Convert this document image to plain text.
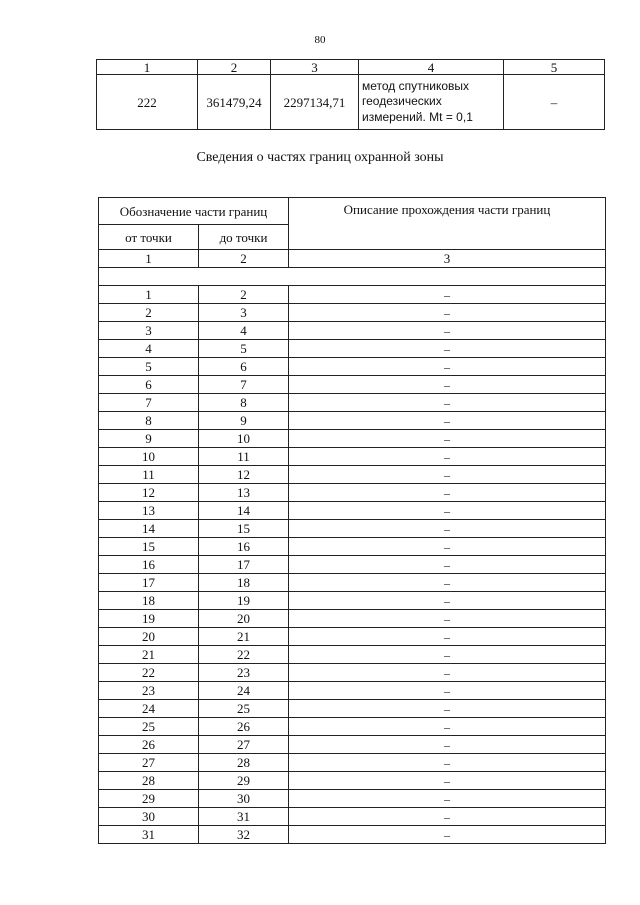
80
1	2	3	4	5
222	361479,24	2297134,71	метод спутниковых геодезических измерений. Mt = 0,1	–
Сведения о частях границ охранной зоны
Обозначение части границ		Описание прохождения части границ
от точки	до точки	
1	2	3

1	2	–
2	3	–
3	4	–
4	5	–
5	6	–
6	7	–
7	8	–
8	9	–
9	10	–
10	11	–
11	12	–
12	13	–
13	14	–
14	15	–
15	16	–
16	17	–
17	18	–
18	19	–
19	20	–
20	21	–
21	22	–
22	23	–
23	24	–
24	25	–
25	26	–
26	27	–
27	28	–
28	29	–
29	30	–
30	31	–
31	32	–
